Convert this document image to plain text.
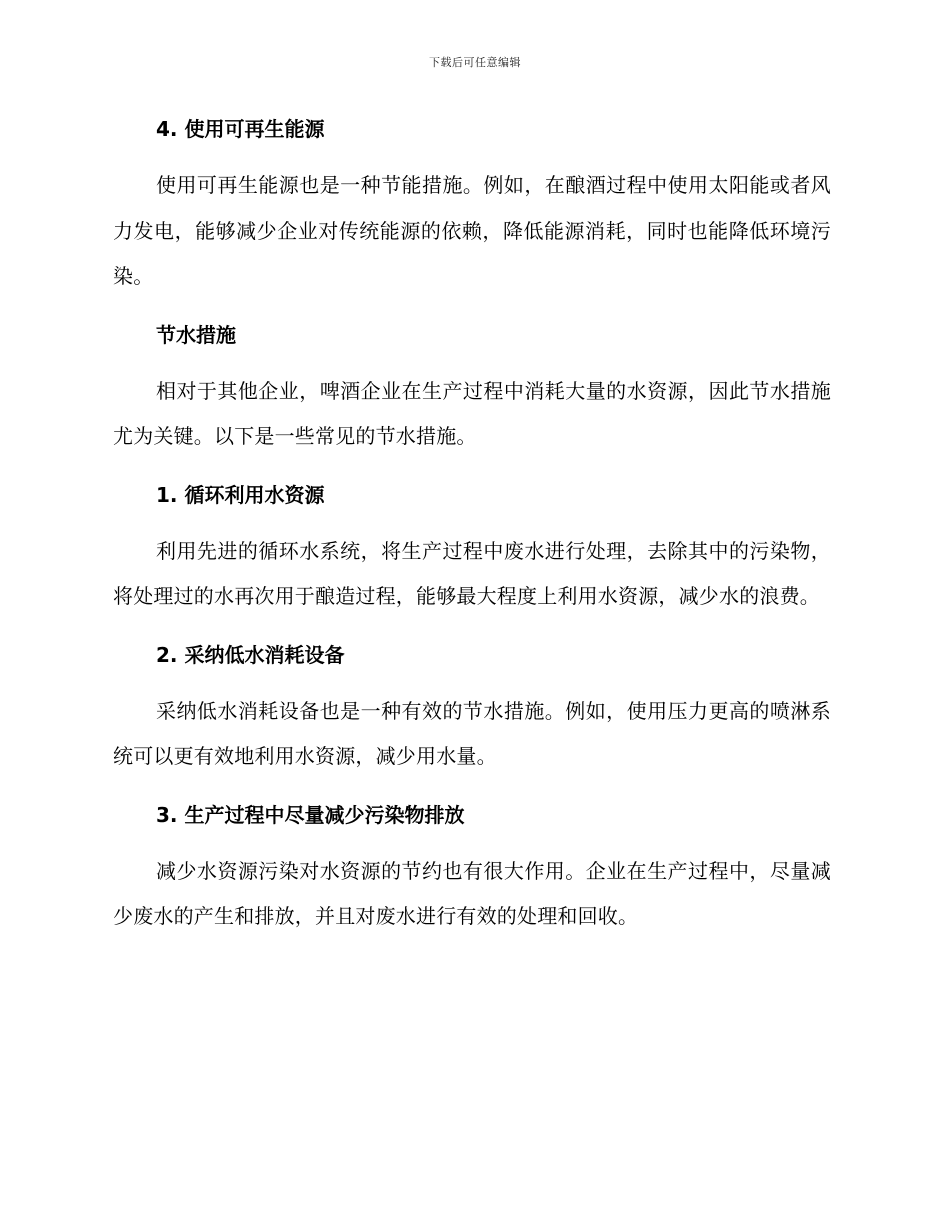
下载后可任意编辑
4. 使用可再生能源

使用可再生能源也是一种节能措施。例如，在酿酒过程中使用太阳能或者风力发电，能够减少企业对传统能源的依赖，降低能源消耗，同时也能降低环境污染。

节水措施

相对于其他企业，啤酒企业在生产过程中消耗大量的水资源，因此节水措施尤为关键。以下是一些常见的节水措施。

1. 循环利用水资源

利用先进的循环水系统，将生产过程中废水进行处理，去除其中的污染物，将处理过的水再次用于酿造过程，能够最大程度上利用水资源，减少水的浪费。

2. 采纳低水消耗设备

采纳低水消耗设备也是一种有效的节水措施。例如，使用压力更高的喷淋系统可以更有效地利用水资源，减少用水量。

3. 生产过程中尽量减少污染物排放

减少水资源污染对水资源的节约也有很大作用。企业在生产过程中，尽量减少废水的产生和排放，并且对废水进行有效的处理和回收。
